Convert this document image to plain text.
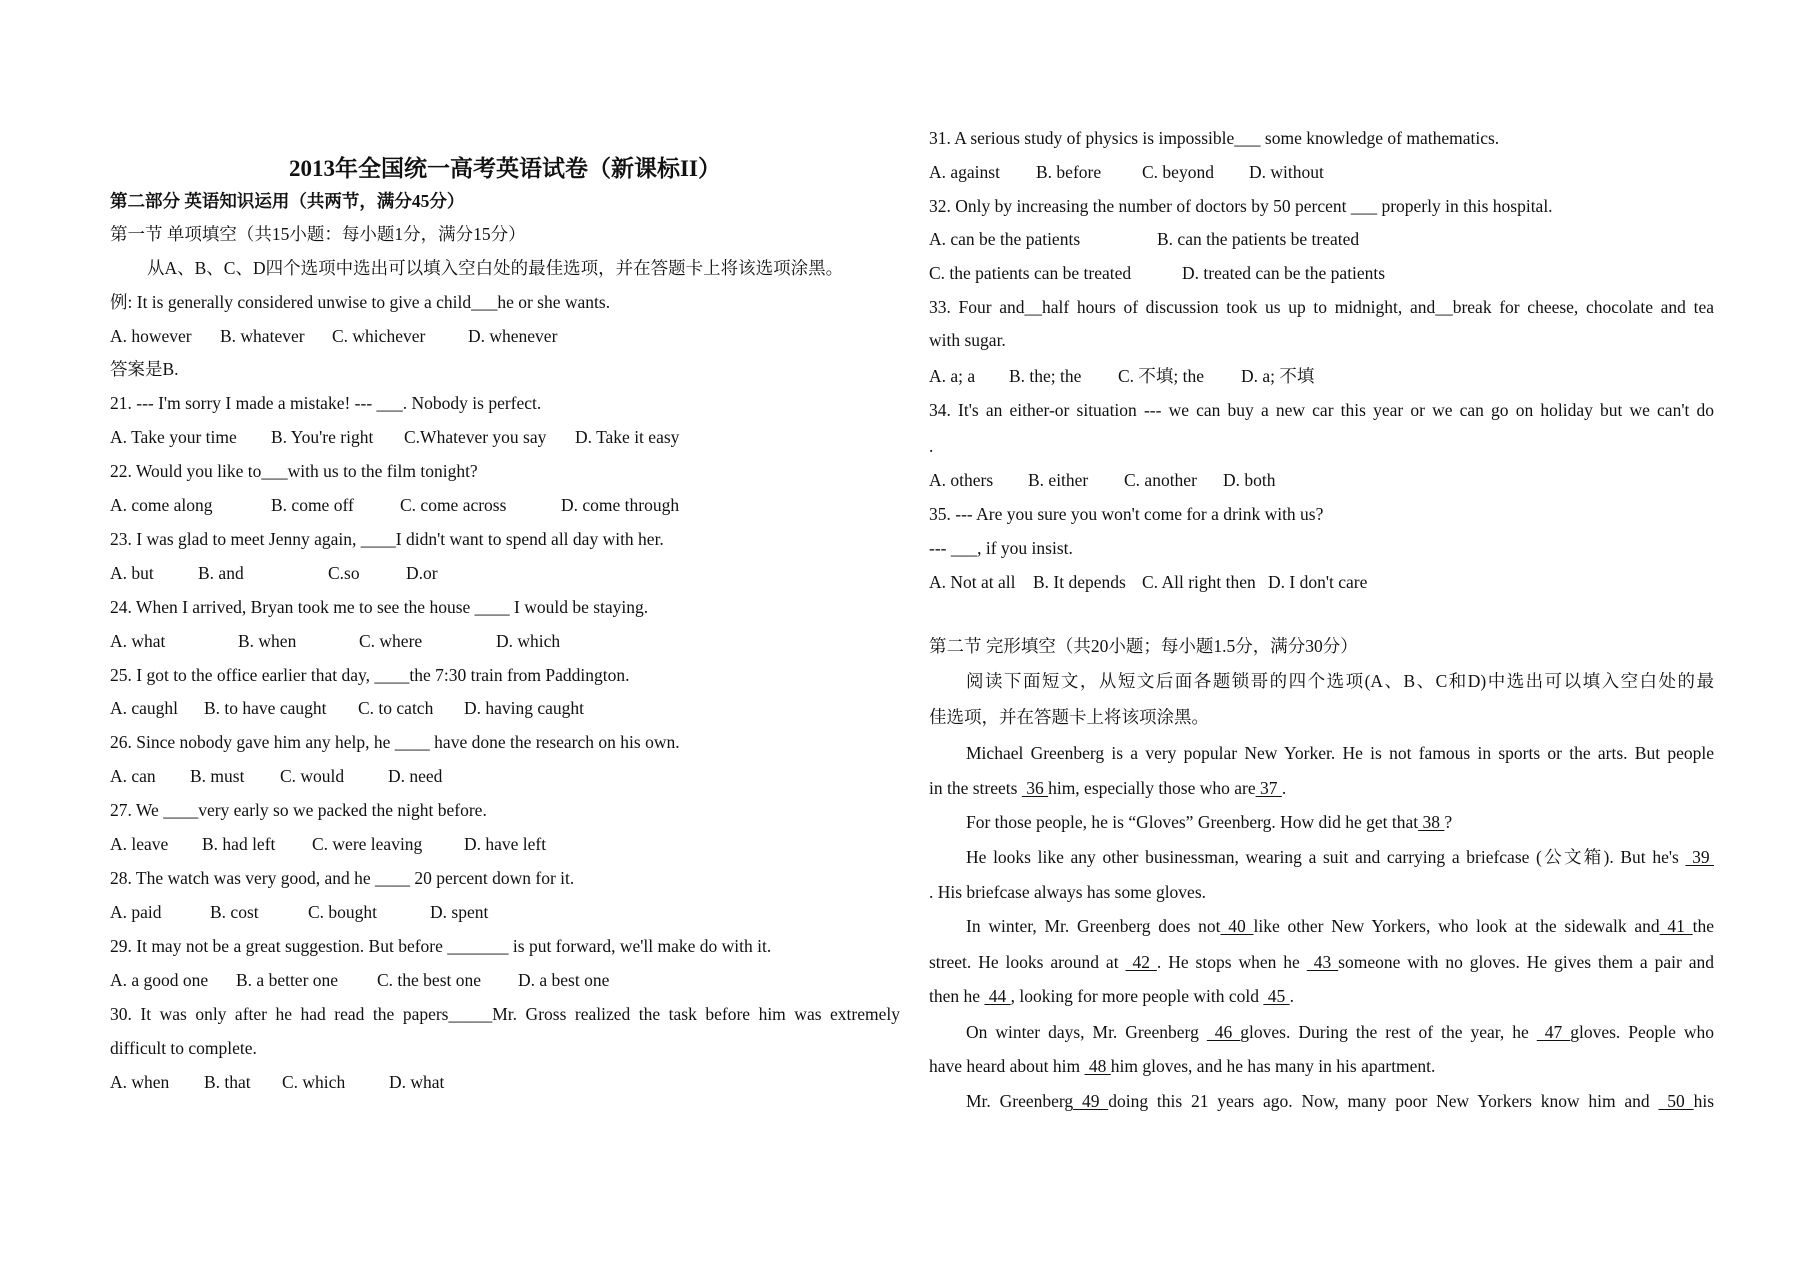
2013年全国统一高考英语试卷（新课标II）
第二部分 英语知识运用（共两节，满分45分）
第一节 单项填空（共15小题：每小题1分，满分15分）
从A、B、C、D四个选项中选出可以填入空白处的最佳选项，并在答题卡上将该选项涂黑。
例: It is generally considered unwise to give a child___he or she wants.
A. however B. whatever C. whichever D. whenever
答案是B.
21. --- I'm sorry I made a mistake! --- ___. Nobody is perfect.
A. Take your time B. You're right C.Whatever you say D. Take it easy
22. Would you like to___with us to the film tonight?
A. come along	B. come off	C. come across	D. come through
23. I was glad to meet Jenny again, ____I didn't want to spend all day with her.
A. but	B. and	C.so	D.or
24. When I arrived, Bryan took me to see the house ____ I would be staying.
A. what	B. when	C. where	D. which
25. I got to the office earlier that day, ____the 7:30 train from Paddington.
A. caughl B. to have caught C. to catch D. having caught
26. Since nobody gave him any help, he ____ have done the research on his own.
A. can B. must C. would	D. need
27. We ____very early so we packed the night before.
A. leave B. had left C. were leaving D. have left
28. The watch was very good, and he ____ 20 percent down for it.
A. paid	B. cost	C. bought	D. spent
29. It may not be a great suggestion. But before _______ is put forward, we'll make do with it.
A. a good one B. a better one C. the best one D. a best one
30. It was only after he had read the papers_____Mr. Gross realized the task before him was extremely
difficult to complete.
A. when B. that C. which	D. what
31. A serious study of physics is impossible___ some knowledge of mathematics.
A. against B. before C. beyond D. without
32. Only by increasing the number of doctors by 50 percent ___ properly in this hospital.
A. can be the patients	B. can the patients be treated
C. the patients can be treated	D. treated can be the patients
33. Four and__half hours of discussion took us up to midnight, and__break for cheese, chocolate and tea
with sugar.
A. a; a B. the; the C. 不填; the D. a; 不填
34. It's an either-or situation --- we can buy a new car this year or we can go on holiday but we can't do
.
A. others B. either C. another D. both
35. --- Are you sure you won't come for a drink with us?
--- ___, if you insist.
A. Not at all B. It depends C. All right then D. I don't care
第二节 完形填空（共20小题；每小题1.5分，满分30分）
阅读下面短文，从短文后面各题锁哥的四个选项(A、B、C和D)中选出可以填入空白处的最
佳选项，并在答题卡上将该项涂黑。
Michael Greenberg is a very popular New Yorker. He is not famous in sports or the arts. But people
in the streets  36 him, especially those who are 37 .
For those people, he is “Gloves” Greenberg. How did he get that 38 ?
He looks like any other businessman, wearing a suit and carrying a briefcase (公文箱). But he's  39
. His briefcase always has some gloves.
In winter, Mr. Greenberg does not 40 like other New Yorkers, who look at the sidewalk and 41 the
street. He looks around at  42 . He stops when he  43 someone with no gloves. He gives them a pair and
then he  44 , looking for more people with cold  45 .
On winter days, Mr. Greenberg  46 gloves. During the rest of the year, he  47 gloves. People who
have heard about him  48 him gloves, and he has many in his apartment.
Mr. Greenberg 49 doing this 21 years ago. Now, many poor New Yorkers know him and  50 his
